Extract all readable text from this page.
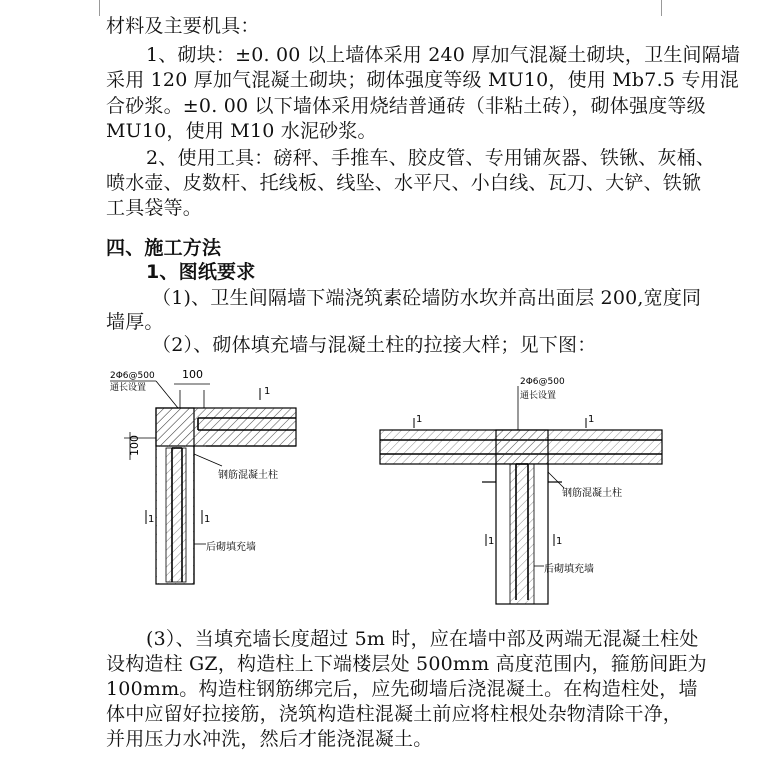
材料及主要机具：
1、砌块：±0. 00 以上墙体采用 240 厚加气混凝土砌块，卫生间隔墙
采用 120 厚加气混凝土砌块；砌体强度等级 MU10，使用 Mb7.5 专用混
合砂浆。±0. 00 以下墙体采用烧结普通砖（非粘土砖），砌体强度等级
MU10，使用 M10 水泥砂浆。
2、使用工具：磅秤、手推车、胶皮管、专用铺灰器、铁锹、灰桶、
喷水壶、皮数杆、托线板、线坠、水平尺、小白线、瓦刀、大铲、铁锨
工具袋等。
四、施工方法
1、图纸要求
（1)、卫生间隔墙下端浇筑素砼墙防水坎并高出面层 200,宽度同
墙厚。
（2）、砌体填充墙与混凝土柱的拉接大样；见下图：
2Φ6@500
通长设置
100
1
100
1	1
钢筋混凝土柱
后砌填充墙
2Φ6@500
通长设置
1	1
1	1
钢筋混凝土柱
后砌填充墙
(3）、当填充墙长度超过 5m 时，应在墙中部及两端无混凝土柱处
设构造柱 GZ，构造柱上下端楼层处 500mm 高度范围内，箍筋间距为
100mm。构造柱钢筋绑完后，应先砌墙后浇混凝土。在构造柱处，墙
体中应留好拉接筋，浇筑构造柱混凝土前应将柱根处杂物清除干净，
并用压力水冲洗，然后才能浇混凝土。
